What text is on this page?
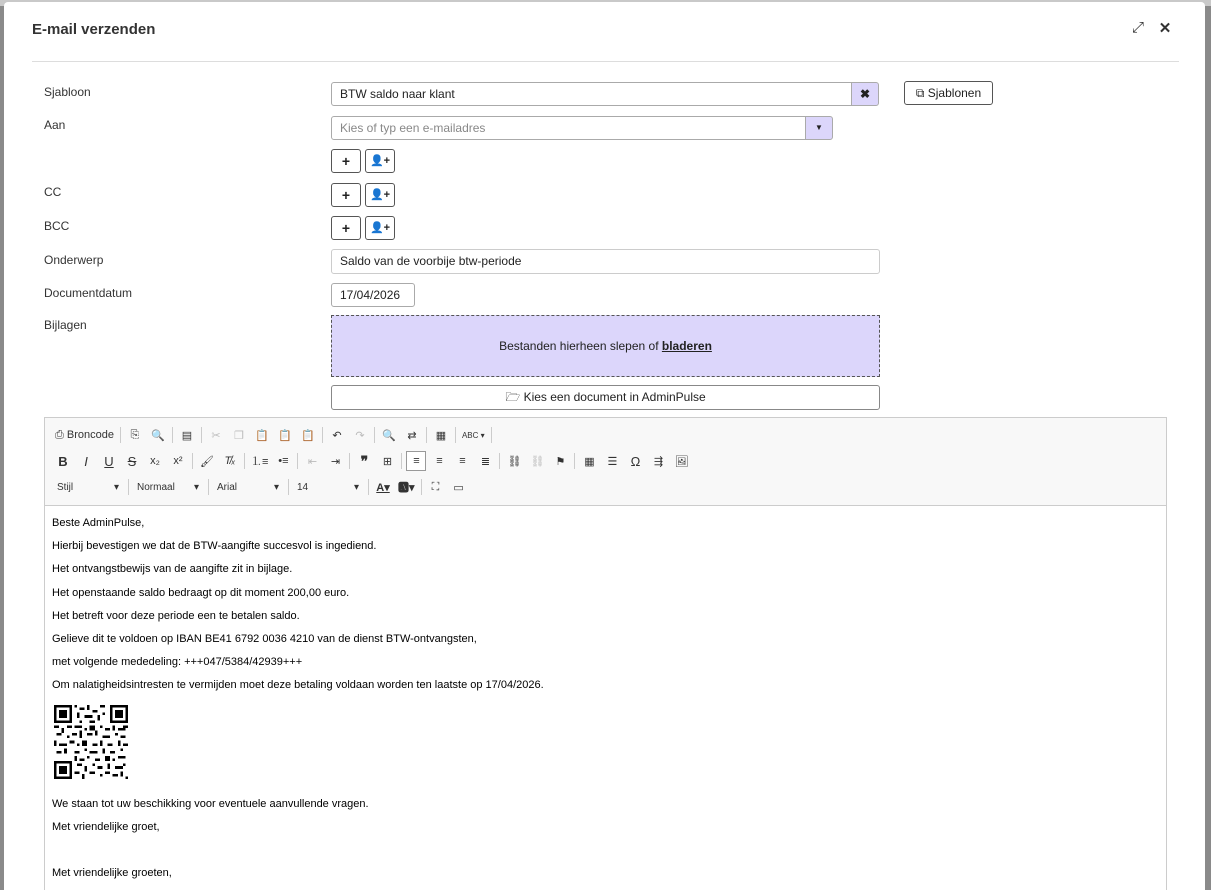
E-mail verzenden	⤢ ✕
Sjabloon	BTW saldo naar klant	✖	⧉ Sjablonen
Aan	Kies of typ een e-mailadres	▼
+	👤+
CC	+	👤+
BCC	+	👤+
Onderwerp	Saldo van de voorbije btw-periode
Documentdatum	17/04/2026
Bijlagen
Bestanden hierheen slepen of bladeren
🗁 Kies een document in AdminPulse
⎙ Broncode	⎘	🔍	▤	✂	❐	📋 📋 📋	↶	↷	🔍	⇄	▦	ABC ▾
B	I	U	S	x₂	x²	🖌 T̸ₓ	⒈≡ •≡	⇤	⇥	❞	⊞	≡	≡	≡	≣	⛓ ⛓	⚑	▦	☰	Ω	⇶	🖼
Stijl	▾ Normaal ▾ Arial	▾ 14	▾ A▾ 🅰▾	⛶	▭

Beste AdminPulse,

Hierbij bevestigen we dat de BTW-aangifte succesvol is ingediend.

Het ontvangstbewijs van de aangifte zit in bijlage.

Het openstaande saldo bedraagt op dit moment 200,00 euro.

Het betreft voor deze periode een te betalen saldo.

Gelieve dit te voldoen op IBAN BE41 6792 0036 4210 van de dienst BTW-ontvangsten,

met volgende mededeling: +++047/5384/42939+++

Om nalatigheidsintresten te vermijden moet deze betaling voldaan worden ten laatste op 17/04/2026.

We staan tot uw beschikking voor eventuele aanvullende vragen.

Met vriendelijke groet,

Met vriendelijke groeten,
